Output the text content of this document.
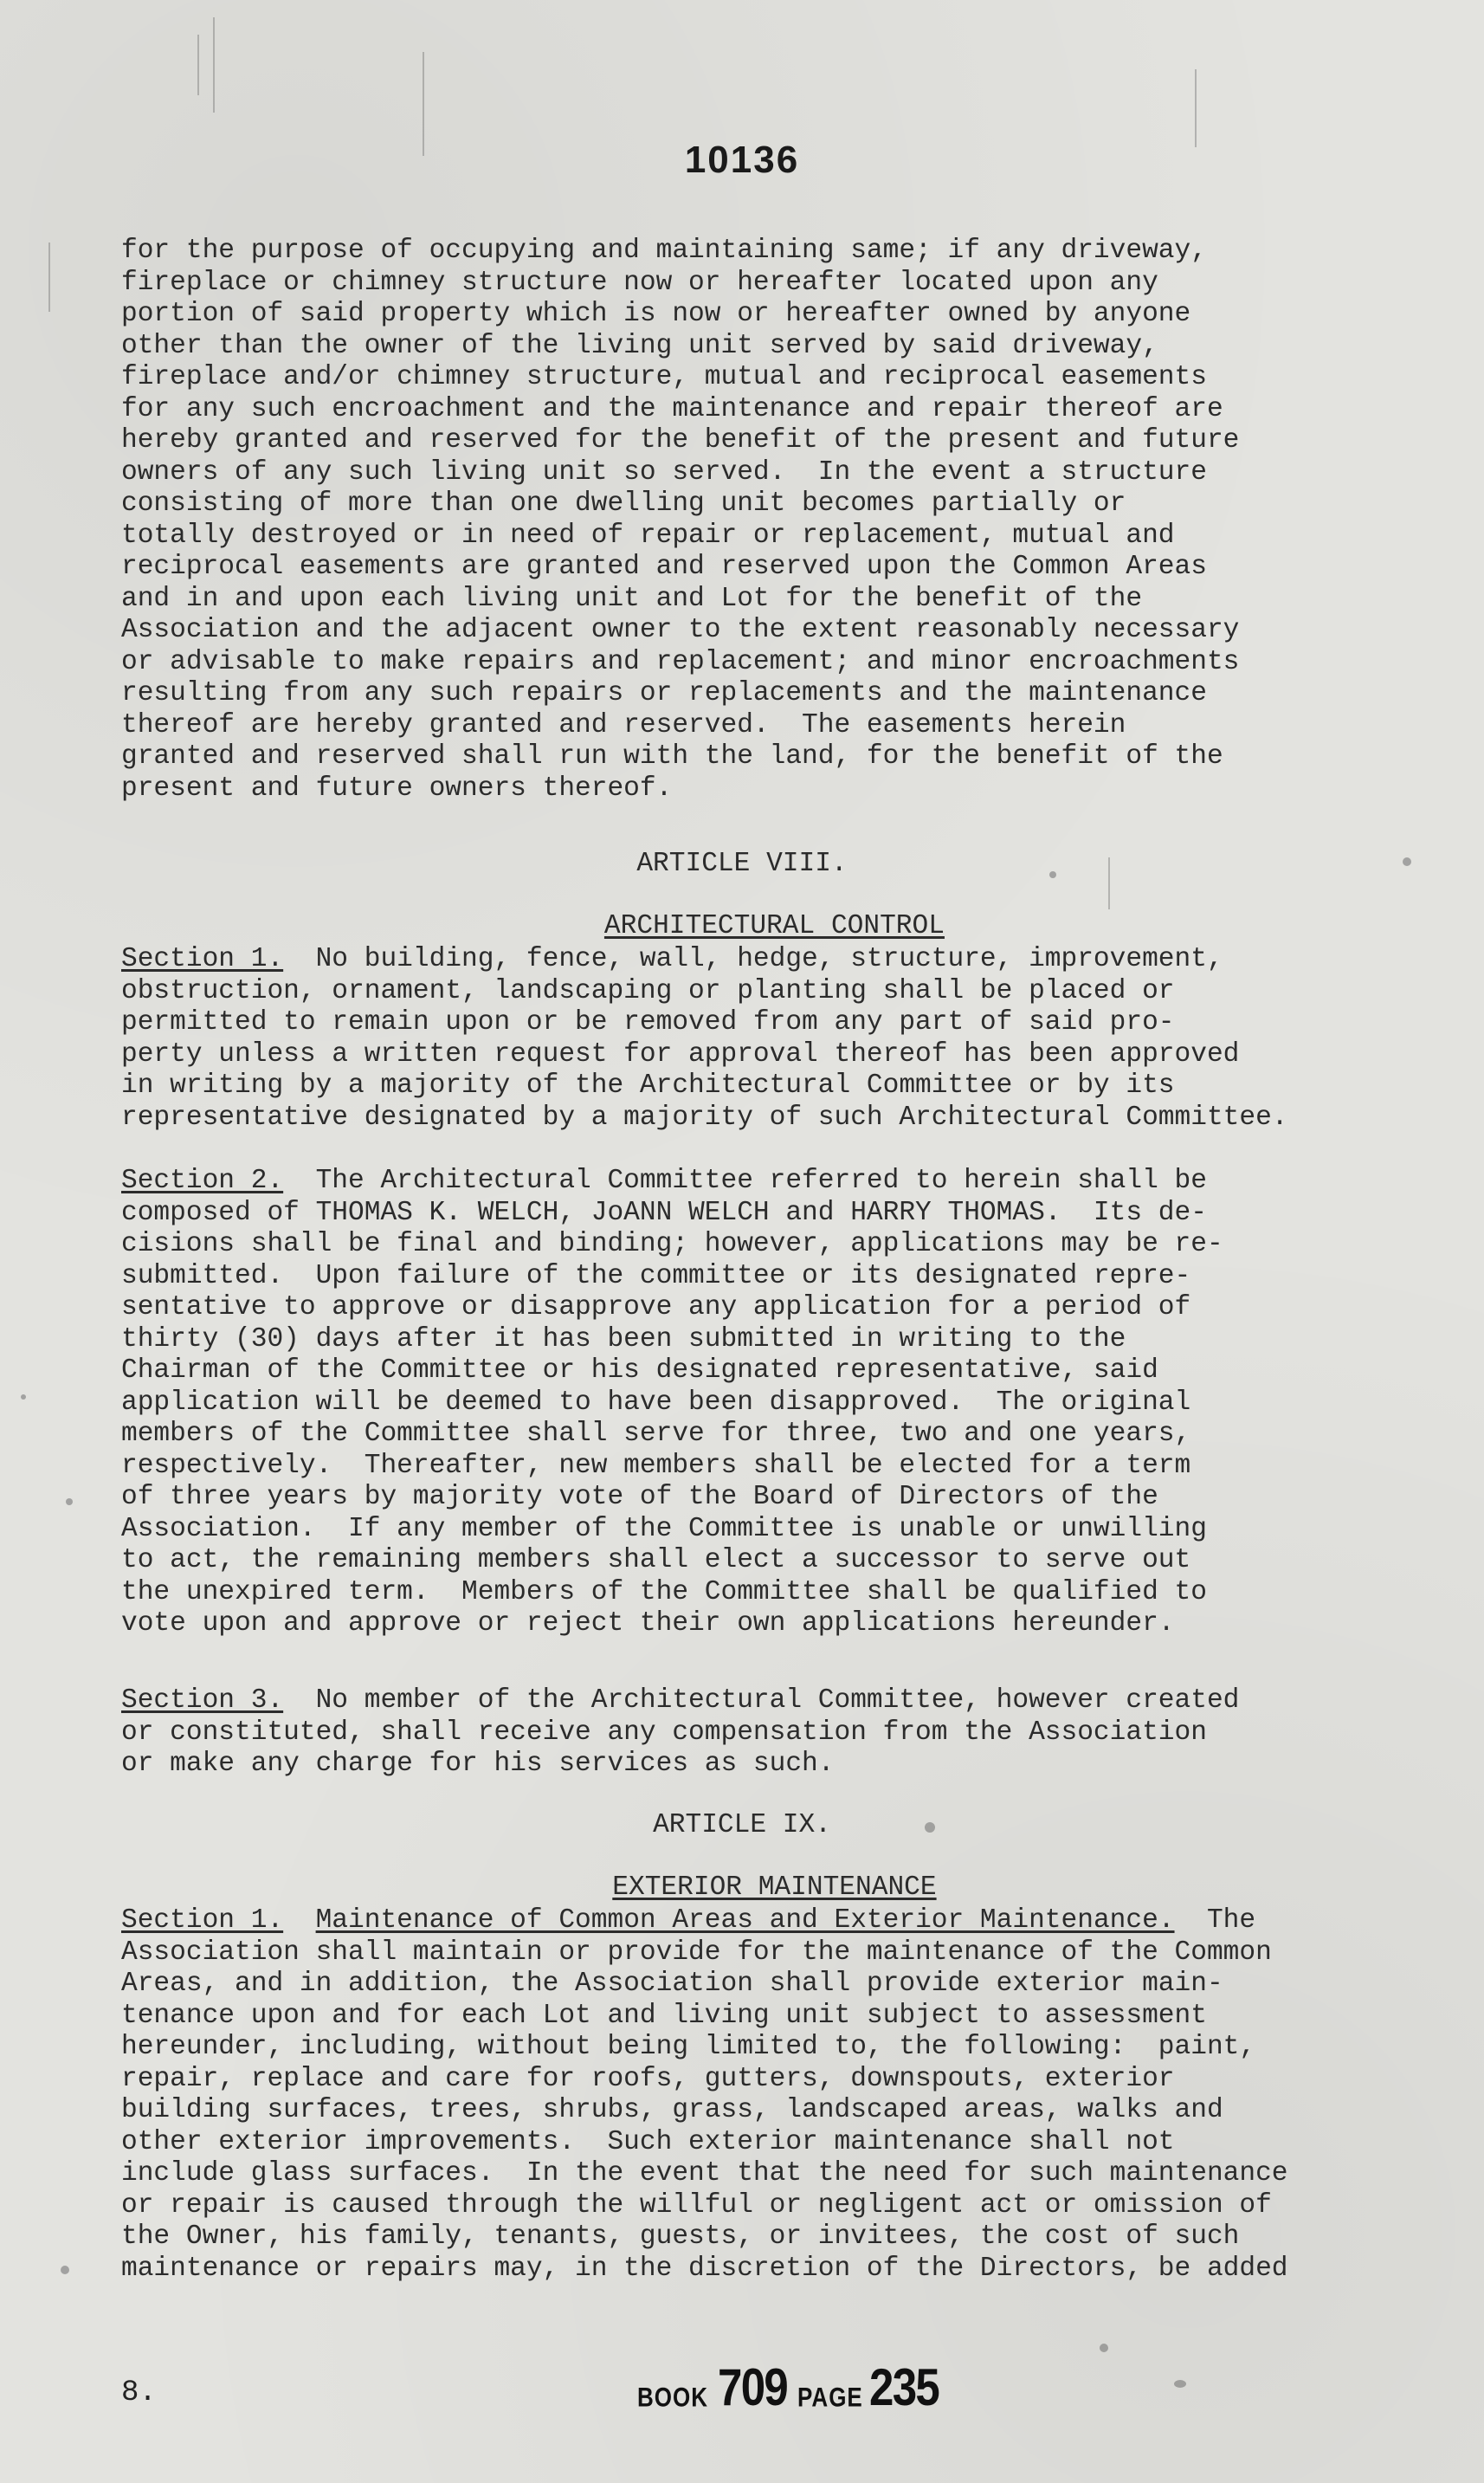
10136
for the purpose of occupying and maintaining same; if any driveway,
fireplace or chimney structure now or hereafter located upon any
portion of said property which is now or hereafter owned by anyone
other than the owner of the living unit served by said driveway,
fireplace and/or chimney structure, mutual and reciprocal easements
for any such encroachment and the maintenance and repair thereof are
hereby granted and reserved for the benefit of the present and future
owners of any such living unit so served.  In the event a structure
consisting of more than one dwelling unit becomes partially or
totally destroyed or in need of repair or replacement, mutual and
reciprocal easements are granted and reserved upon the Common Areas
and in and upon each living unit and Lot for the benefit of the
Association and the adjacent owner to the extent reasonably necessary
or advisable to make repairs and replacement; and minor encroachments
resulting from any such repairs or replacements and the maintenance
thereof are hereby granted and reserved.  The easements herein
granted and reserved shall run with the land, for the benefit of the
present and future owners thereof.
ARTICLE VIII.

ARCHITECTURAL CONTROL

Section 1.  No building, fence, wall, hedge, structure, improvement,
obstruction, ornament, landscaping or planting shall be placed or
permitted to remain upon or be removed from any part of said pro-
perty unless a written request for approval thereof has been approved
in writing by a majority of the Architectural Committee or by its
representative designated by a majority of such Architectural Committee.
Section 2.  The Architectural Committee referred to herein shall be
composed of THOMAS K. WELCH, JoANN WELCH and HARRY THOMAS.  Its de-
cisions shall be final and binding; however, applications may be re-
submitted.  Upon failure of the committee or its designated repre-
sentative to approve or disapprove any application for a period of
thirty (30) days after it has been submitted in writing to the
Chairman of the Committee or his designated representative, said
application will be deemed to have been disapproved.  The original
members of the Committee shall serve for three, two and one years,
respectively.  Thereafter, new members shall be elected for a term
of three years by majority vote of the Board of Directors of the
Association.  If any member of the Committee is unable or unwilling
to act, the remaining members shall elect a successor to serve out
the unexpired term.  Members of the Committee shall be qualified to
vote upon and approve or reject their own applications hereunder.
Section 3.  No member of the Architectural Committee, however created
or constituted, shall receive any compensation from the Association
or make any charge for his services as such.
ARTICLE IX.

EXTERIOR MAINTENANCE

Section 1. Maintenance of Common Areas and Exterior Maintenance.  The
Association shall maintain or provide for the maintenance of the Common
Areas, and in addition, the Association shall provide exterior main-
tenance upon and for each Lot and living unit subject to assessment
hereunder, including, without being limited to, the following:  paint,
repair, replace and care for roofs, gutters, downspouts, exterior
building surfaces, trees, shrubs, grass, landscaped areas, walks and
other exterior improvements.  Such exterior maintenance shall not
include glass surfaces.  In the event that the need for such maintenance
or repair is caused through the willful or negligent act or omission of
the Owner, his family, tenants, guests, or invitees, the cost of such
maintenance or repairs may, in the discretion of the Directors, be added
8.	BOOK 709 PAGE 235
